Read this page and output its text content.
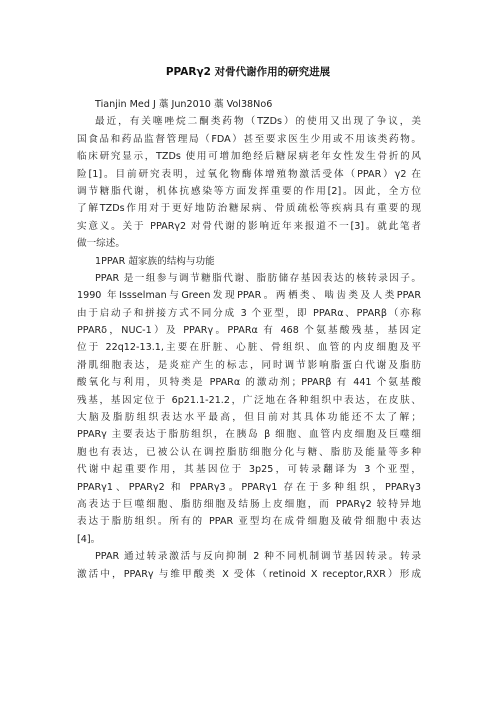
PPARγ2 对骨代谢作用的研究进展
Tianjin Med J 藁 Jun2010 藁 Vol38No6
最近，有关噻唑烷二酮类药物（TZDs）的使用又出现了争议，美
国食品和药品监督管理局（FDA）甚至要求医生少用或不用该类药物。
临床研究显示，TZDs 使用可增加绝经后糖尿病老年女性发生骨折的风
险[1]。目前研究表明，过氧化物酶体增殖物激活受体（PPAR）γ2 在
调节糖脂代谢，机体抗感染等方面发挥重要的作用[2]。因此，全方位
了解TZDs作用对于更好地防治糖尿病、骨质疏松等疾病具有重要的现
实意义。关于 PPARγ2 对骨代谢的影响近年来报道不一[3]。就此笔者
做一综述。
1PPAR 超家族的结构与功能
PPAR 是一组参与调节糖脂代谢、脂肪储存基因表达的核转录因子。
1990 年Issselman与Green发现PPAR。两栖类、啮齿类及人类PPAR
由于启动子和拼接方式不同分成 3 个亚型，即 PPARα、PPARβ（亦称
PPARδ，NUC-1）及 PPARγ。PPARα 有 468 个氨基酸残基，基因定
位于 22q12-13.1,主要在肝脏、心脏、骨组织、血管的内皮细胞及平
滑肌细胞表达，是炎症产生的标志，同时调节影响脂蛋白代谢及脂肪
酸氧化与利用，贝特类是 PPARα 的激动剂；PPARβ 有 441 个氨基酸
残基，基因定位于 6p21.1-21.2，广泛地在各种组织中表达，在皮肤、
大脑及脂肪组织表达水平最高，但目前对其具体功能还不太了解；
PPARγ 主要表达于脂肪组织，在胰岛 β 细胞、血管内皮细胞及巨噬细
胞也有表达，已被公认在调控脂肪细胞分化与糖、脂肪及能量等多种
代谢中起重要作用，其基因位于 3p25，可转录翻译为 3 个亚型，
PPARγ1、PPARγ2 和 PPARγ3。PPARγ1 存在于多种组织，PPARγ3
高表达于巨噬细胞、脂肪细胞及结肠上皮细胞，而 PPARγ2 较特异地
表达于脂肪组织。所有的 PPAR 亚型均在成骨细胞及破骨细胞中表达
[4]。
PPAR 通过转录激活与反向抑制 2 种不同机制调节基因转录。转录
激活中，PPARγ 与维甲酸类 X 受体（retinoid X receptor,RXR）形成
